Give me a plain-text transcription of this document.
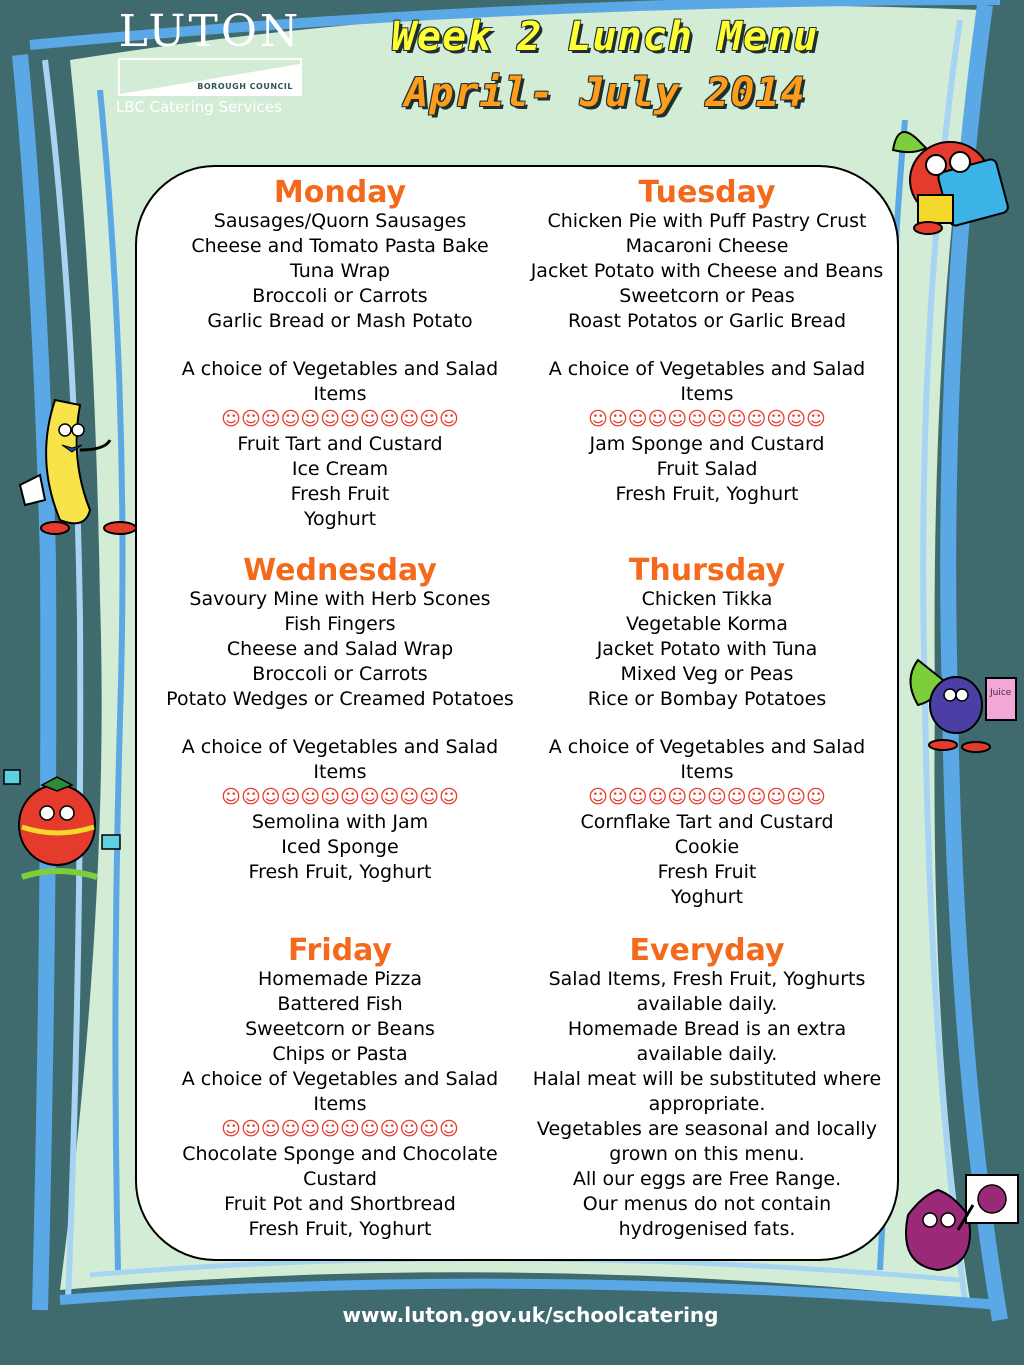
LUTON
BOROUGH COUNCIL
LBC Catering Services
Week 2 Lunch Menu
April- July 2014
Monday
Sausages/Quorn Sausages
Cheese and Tomato Pasta Bake
Tuna Wrap
Broccoli or Carrots
Garlic Bread or Mash Potato
A choice of Vegetables and Salad Items
☺☺☺☺☺☺☺☺☺☺☺☺
Fruit Tart and Custard
Ice Cream
Fresh Fruit
Yoghurt
Tuesday
Chicken Pie with Puff Pastry Crust
Macaroni Cheese
Jacket Potato with Cheese and Beans
Sweetcorn or Peas
Roast Potatos or Garlic Bread
A choice of Vegetables and Salad Items
☺☺☺☺☺☺☺☺☺☺☺☺
Jam Sponge and Custard
Fruit Salad
Fresh Fruit, Yoghurt
Wednesday
Savoury Mine with Herb Scones
Fish Fingers
Cheese and Salad Wrap
Broccoli or Carrots
Potato Wedges or Creamed Potatoes
A choice of Vegetables and Salad Items
☺☺☺☺☺☺☺☺☺☺☺☺
Semolina with Jam
Iced Sponge
Fresh Fruit, Yoghurt
Thursday
Chicken Tikka
Vegetable Korma
Jacket Potato with Tuna
Mixed Veg or Peas
Rice or Bombay Potatoes
A choice of Vegetables and Salad Items
☺☺☺☺☺☺☺☺☺☺☺☺
Cornflake Tart and Custard
Cookie
Fresh Fruit
Yoghurt
Friday
Homemade Pizza
Battered Fish
Sweetcorn or Beans
Chips or Pasta
A choice of Vegetables and Salad Items
☺☺☺☺☺☺☺☺☺☺☺☺
Chocolate Sponge and Chocolate Custard
Fruit Pot and Shortbread
Fresh Fruit, Yoghurt
Everyday
Salad Items, Fresh Fruit, Yoghurts available daily.
Homemade Bread is an extra available daily.
Halal meat will be substituted where appropriate.
Vegetables are seasonal and locally grown on this menu.
All our eggs are Free Range.
Our menus do not contain hydrogenised fats.
Juice
www.luton.gov.uk/schoolcatering
